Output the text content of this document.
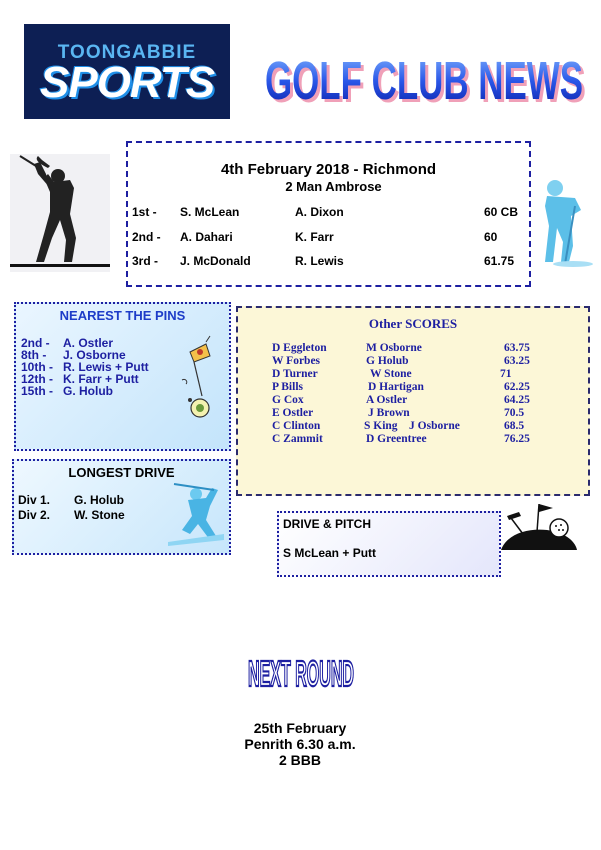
TOONGABBIE
SPORTS GOLF CLUB NEWS
GOLF CLUB NEWS
4th February 2018 - Richmond
2 Man Ambrose
1st - S. McLean	A. Dixon	60 CB
2nd - A. Dahari	K. Farr	60
3rd - J. McDonald	R. Lewis	61.75
NEAREST THE PINS
2nd - A. Ostler
8th - J. Osborne
10th - R. Lewis + Putt
12th - K. Farr + Putt
15th - G. Holub
Other SCORES
D Eggleton	M Osborne	63.75
W Forbes	G Holub	63.25
D Turner	W Stone	71
P Bills	D Hartigan	62.25
G Cox	A Ostler	64.25
E Ostler	J Brown	70.5
C Clinton	S King    J Osborne	68.5
C Zammit	D Greentree	76.25
LONGEST DRIVE
Div 1. G. Holub
Div 2. W. Stone
DRIVE & PITCH
S McLean + Putt
NEXT ROUND
25th February
Penrith 6.30 a.m.
2 BBB
